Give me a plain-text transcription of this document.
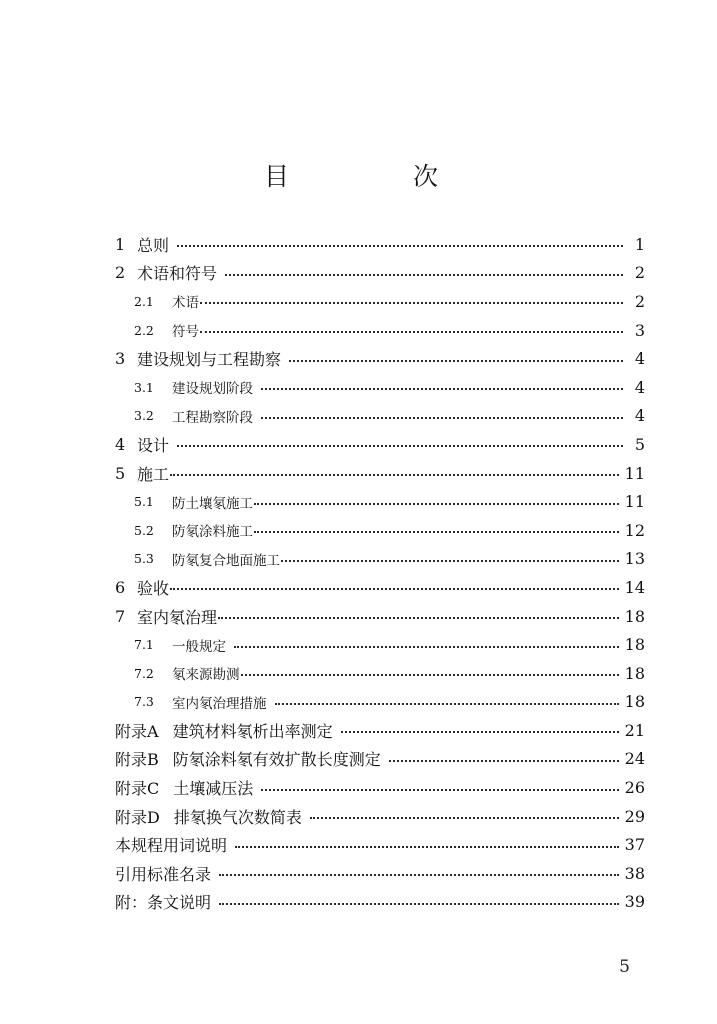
目 次
1 总则	1
2 术语和符号	2
2.1	术语	2
2.2	符号	3
3 建设规划与工程勘察	4
3.1	建设规划阶段	4
3.2	工程勘察阶段	4
4 设计	5
5 施工	11
5.1	防土壤氡施工	11
5.2	防氡涂料施工	12
5.3	防氡复合地面施工	13
6 验收	14
7 室内氡治理	18
7.1	一般规定	18
7.2	氡来源勘测	18
7.3	室内氡治理措施	18
附录A 建筑材料氡析出率测定	21
附录B 防氡涂料氡有效扩散长度测定	24
附录C 土壤减压法	26
附录D 排氡换气次数简表	29
本规程用词说明	37
引用标准名录	38
附：条文说明	39
5
